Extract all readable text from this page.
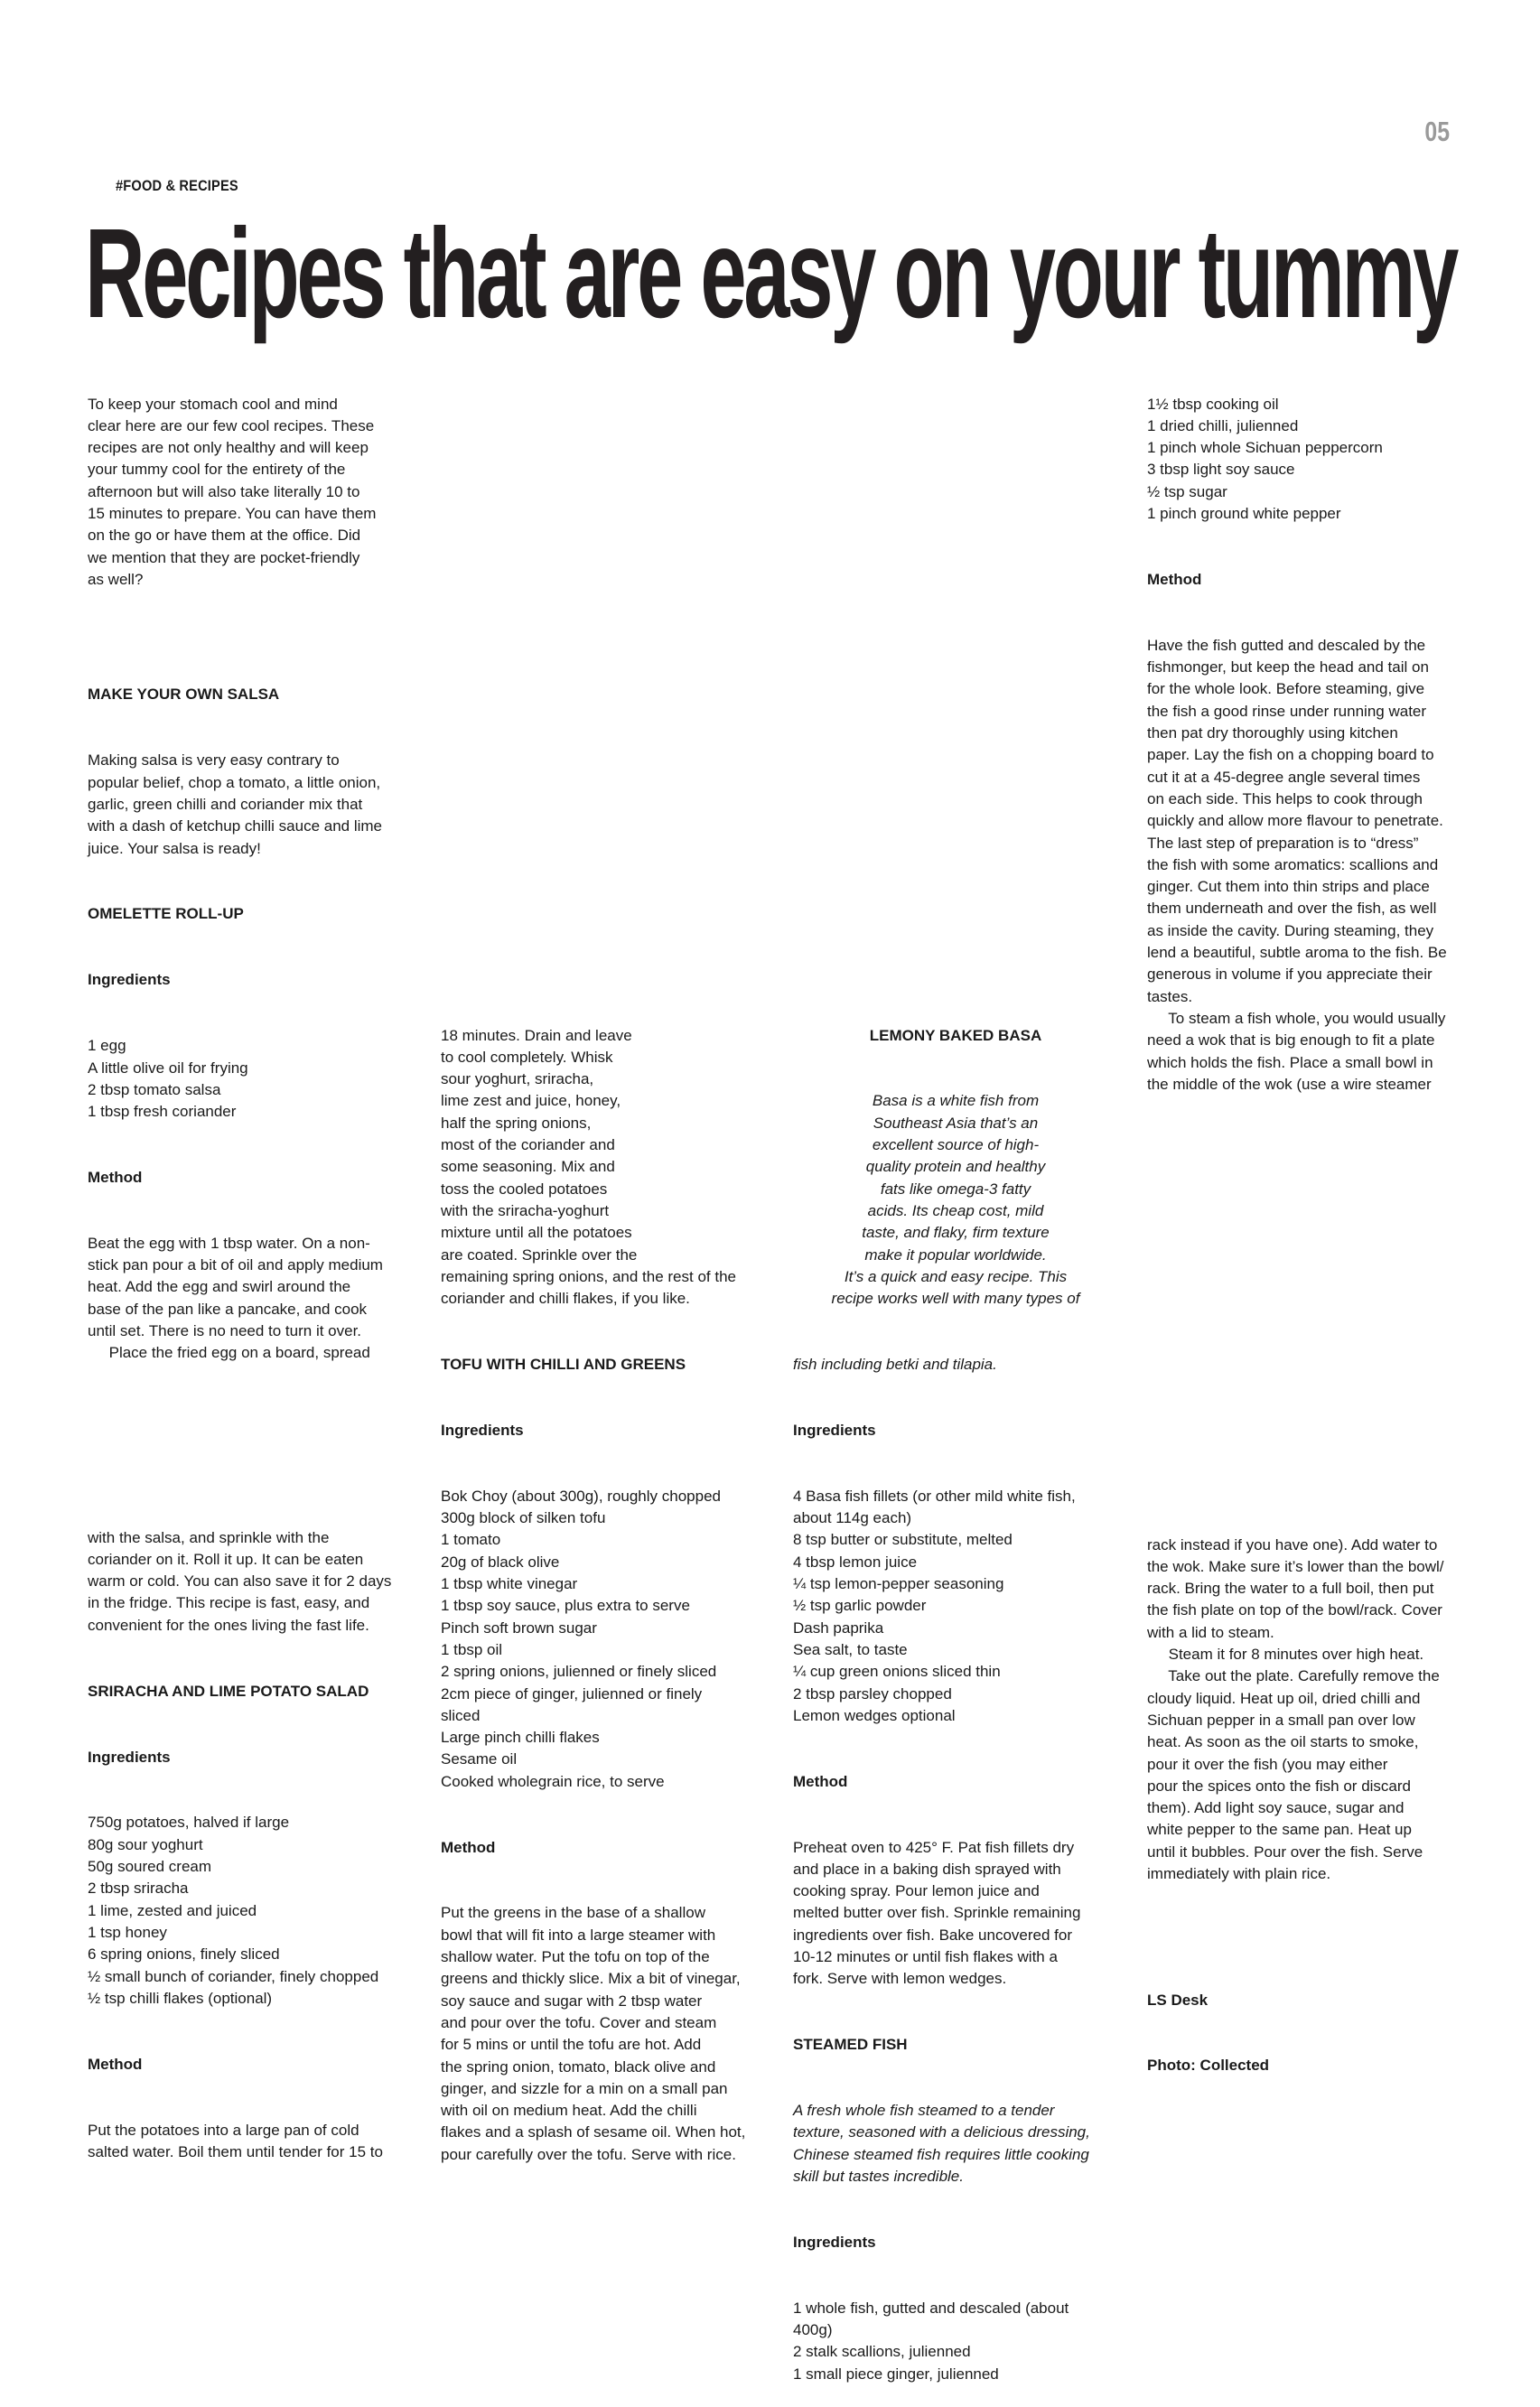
05
#FOOD & RECIPES
Recipes that are easy on your tummy

To keep your stomach cool and mind
clear here are our few cool recipes. These
recipes are not only healthy and will keep
your tummy cool for the entirety of the
afternoon but will also take literally 10 to
15 minutes to prepare. You can have them
on the go or have them at the office. Did
we mention that they are pocket-friendly
as well?

MAKE YOUR OWN SALSA

Making salsa is very easy contrary to
popular belief, chop a tomato, a little onion,
garlic, green chilli and coriander mix that
with a dash of ketchup chilli sauce and lime
juice. Your salsa is ready!

OMELETTE ROLL-UP

Ingredients

1 egg
A little olive oil for frying
2 tbsp tomato salsa
1 tbsp fresh coriander

Method

Beat the egg with 1 tbsp water. On a non-
stick pan pour a bit of oil and apply medium
heat. Add the egg and swirl around the
base of the pan like a pancake, and cook
until set. There is no need to turn it over.
Place the fried egg on a board, spread

with the salsa, and sprinkle with the
coriander on it. Roll it up. It can be eaten
warm or cold. You can also save it for 2 days
in the fridge. This recipe is fast, easy, and
convenient for the ones living the fast life.

SRIRACHA AND LIME POTATO SALAD

Ingredients

750g potatoes, halved if large
80g sour yoghurt
50g soured cream
2 tbsp sriracha
1 lime, zested and juiced
1 tsp honey
6 spring onions, finely sliced
½ small bunch of coriander, finely chopped
½ tsp chilli flakes (optional)

Method

Put the potatoes into a large pan of cold
salted water. Boil them until tender for 15 to

18 minutes. Drain and leave
to cool completely. Whisk
sour yoghurt, sriracha,
lime zest and juice, honey,
half the spring onions,
most of the coriander and
some seasoning. Mix and
toss the cooled potatoes
with the sriracha-yoghurt
mixture until all the potatoes
are coated. Sprinkle over the
remaining spring onions, and the rest of the
coriander and chilli flakes, if you like.

TOFU WITH CHILLI AND GREENS

Ingredients

Bok Choy (about 300g), roughly chopped
300g block of silken tofu
1 tomato
20g of black olive
1 tbsp white vinegar
1 tbsp soy sauce, plus extra to serve
Pinch soft brown sugar
1 tbsp oil
2 spring onions, julienned or finely sliced
2cm piece of ginger, julienned or finely
sliced
Large pinch chilli flakes
Sesame oil
Cooked wholegrain rice, to serve

Method

Put the greens in the base of a shallow
bowl that will fit into a large steamer with
shallow water. Put the tofu on top of the
greens and thickly slice. Mix a bit of vinegar,
soy sauce and sugar with 2 tbsp water
and pour over the tofu. Cover and steam
for 5 mins or until the tofu are hot. Add
the spring onion, tomato, black olive and
ginger, and sizzle for a min on a small pan
with oil on medium heat. Add the chilli
flakes and a splash of sesame oil. When hot,
pour carefully over the tofu. Serve with rice.

LEMONY BAKED BASA

Basa is a white fish from
Southeast Asia that’s an
excellent source of high-
quality protein and healthy
fats like omega-3 fatty
acids. Its cheap cost, mild
taste, and flaky, firm texture
make it popular worldwide.
It’s a quick and easy recipe. This
recipe works well with many types of

fish including betki and tilapia.

Ingredients

4 Basa fish fillets (or other mild white fish,
about 114g each)
8 tsp butter or substitute, melted
4 tbsp lemon juice
¼ tsp lemon-pepper seasoning
½ tsp garlic powder
Dash paprika
Sea salt, to taste
¼ cup green onions sliced thin
2 tbsp parsley chopped
Lemon wedges optional

Method

Preheat oven to 425° F. Pat fish fillets dry
and place in a baking dish sprayed with
cooking spray. Pour lemon juice and
melted butter over fish. Sprinkle remaining
ingredients over fish. Bake uncovered for
10-12 minutes or until fish flakes with a
fork. Serve with lemon wedges.

STEAMED FISH

A fresh whole fish steamed to a tender
texture, seasoned with a delicious dressing,
Chinese steamed fish requires little cooking
skill but tastes incredible.

Ingredients

1 whole fish, gutted and descaled (about
400g)
2 stalk scallions, julienned
1 small piece ginger, julienned

1½ tbsp cooking oil
1 dried chilli, julienned
1 pinch whole Sichuan peppercorn
3 tbsp light soy sauce
½ tsp sugar
1 pinch ground white pepper

Method

Have the fish gutted and descaled by the
fishmonger, but keep the head and tail on
for the whole look. Before steaming, give
the fish a good rinse under running water
then pat dry thoroughly using kitchen
paper. Lay the fish on a chopping board to
cut it at a 45-degree angle several times
on each side. This helps to cook through
quickly and allow more flavour to penetrate.
The last step of preparation is to “dress”
the fish with some aromatics: scallions and
ginger. Cut them into thin strips and place
them underneath and over the fish, as well
as inside the cavity. During steaming, they
lend a beautiful, subtle aroma to the fish. Be
generous in volume if you appreciate their
tastes.
To steam a fish whole, you would usually
need a wok that is big enough to fit a plate
which holds the fish. Place a small bowl in
the middle of the wok (use a wire steamer

rack instead if you have one). Add water to
the wok. Make sure it’s lower than the bowl/
rack. Bring the water to a full boil, then put
the fish plate on top of the bowl/rack. Cover
with a lid to steam.
Steam it for 8 minutes over high heat.
Take out the plate. Carefully remove the
cloudy liquid. Heat up oil, dried chilli and
Sichuan pepper in a small pan over low
heat. As soon as the oil starts to smoke,
pour it over the fish (you may either
pour the spices onto the fish or discard
them). Add light soy sauce, sugar and
white pepper to the same pan. Heat up
until it bubbles. Pour over the fish. Serve
immediately with plain rice.

LS Desk

Photo: Collected
